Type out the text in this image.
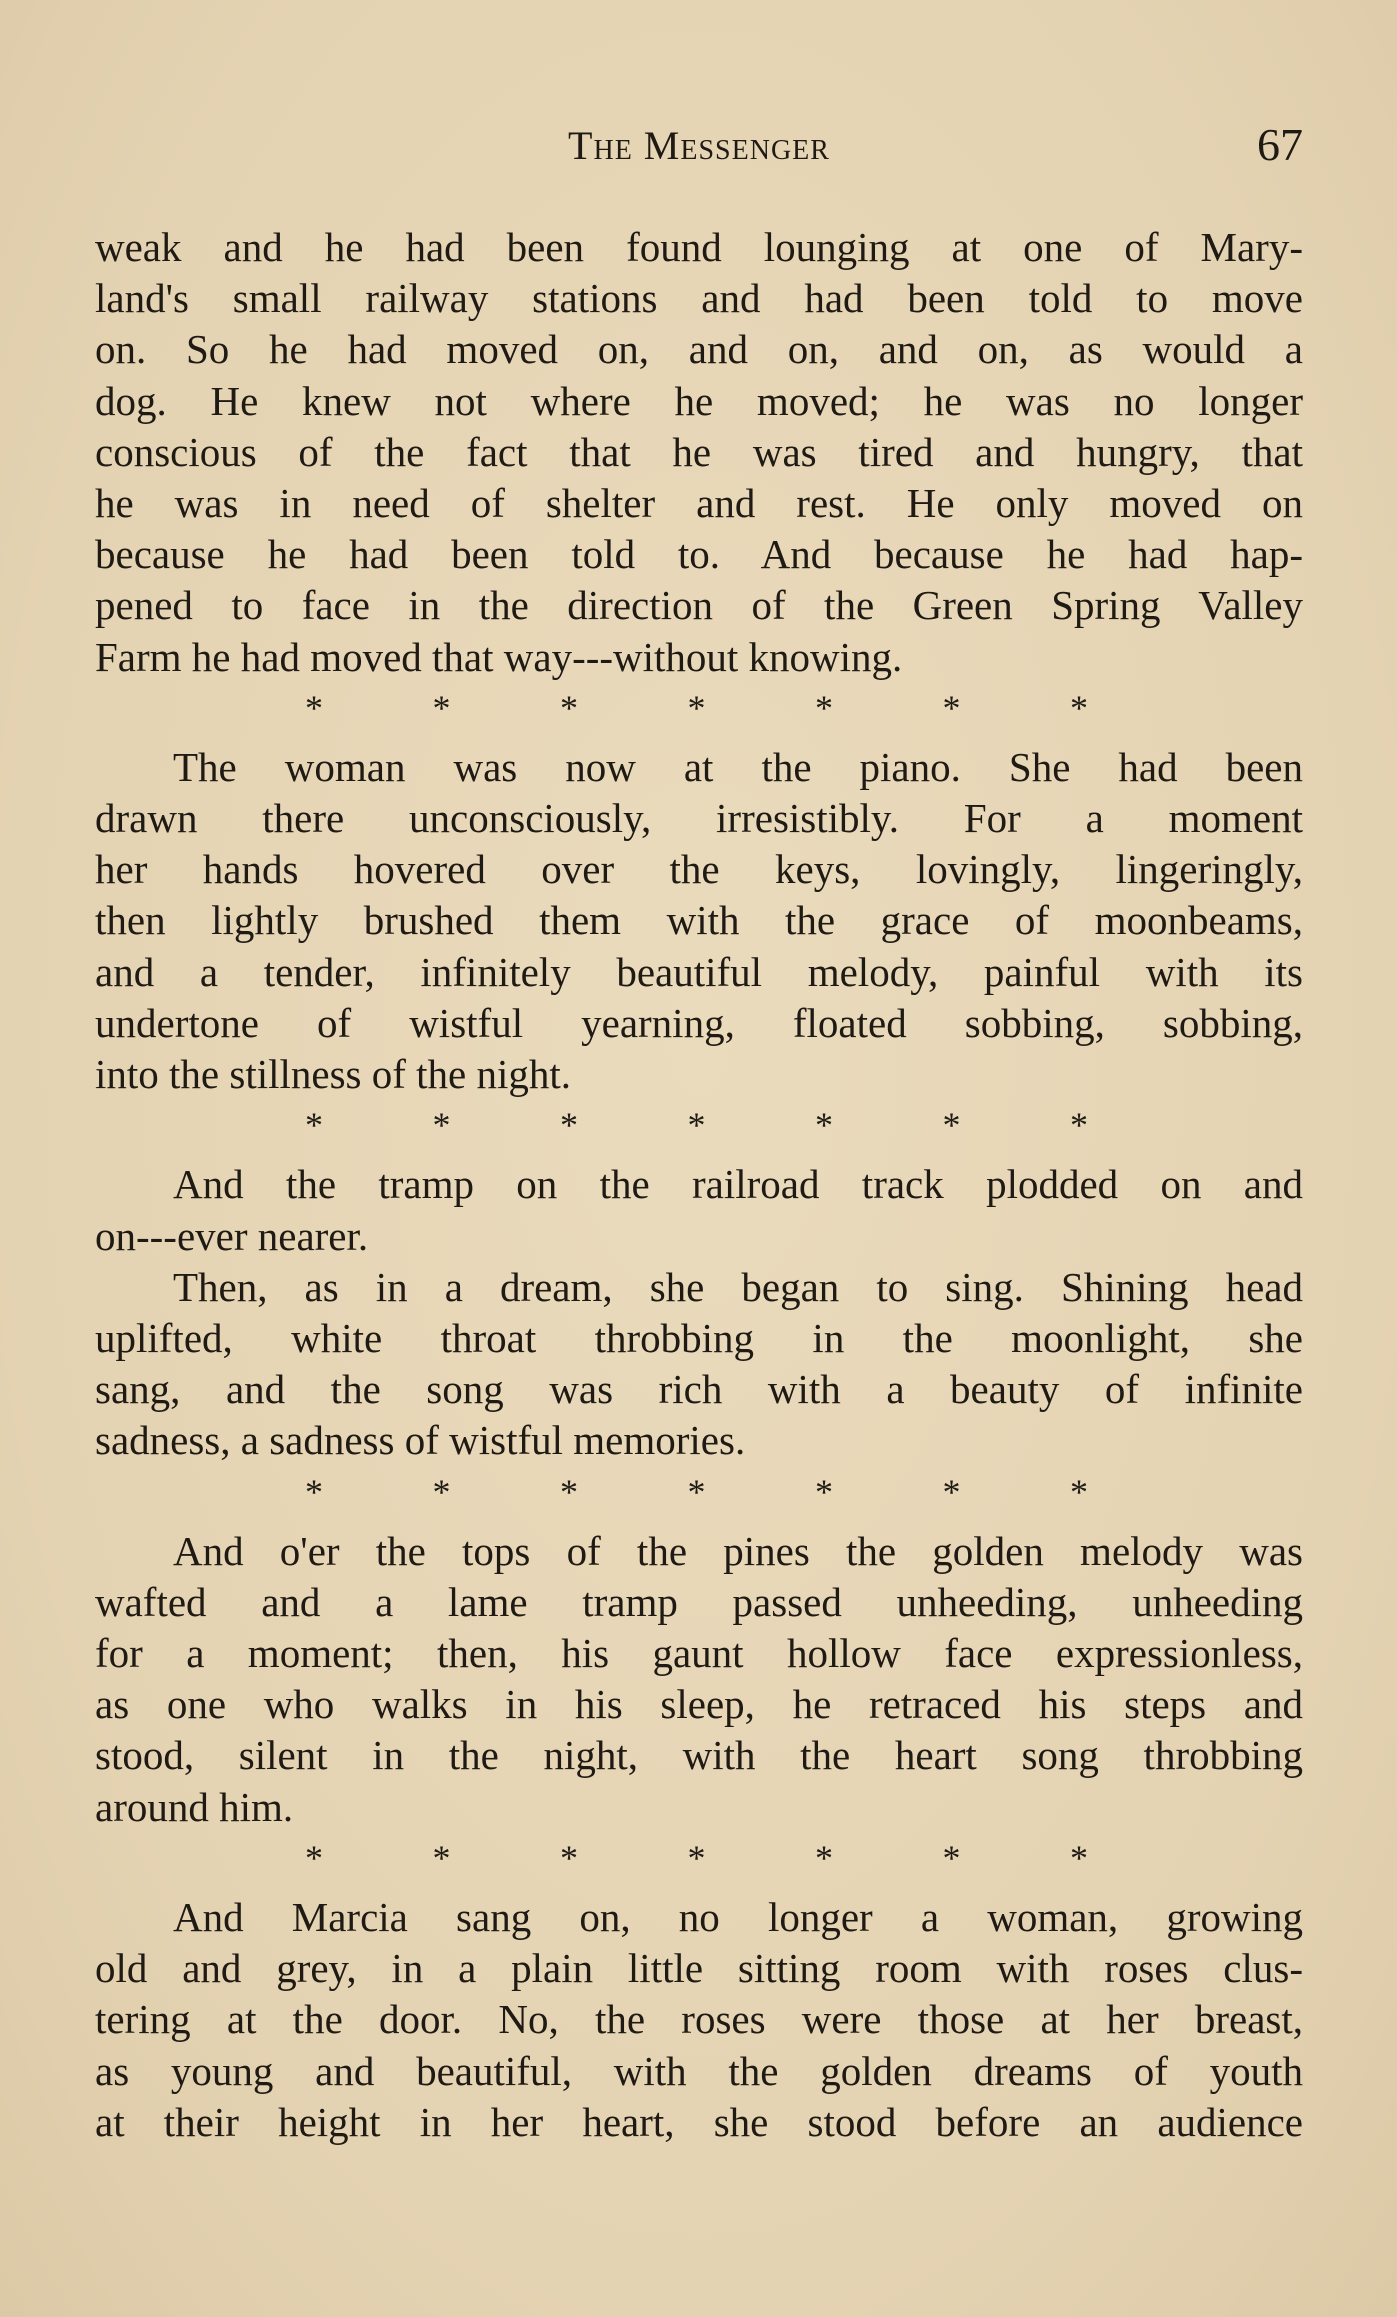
The Messenger	67
weak and he had been found lounging at one of Mary-
land's small railway stations and had been told to move
on. So he had moved on, and on, and on, as would a
dog. He knew not where he moved; he was no longer
conscious of the fact that he was tired and hungry, that
he was in need of shelter and rest. He only moved on
because he had been told to. And because he had hap-
pened to face in the direction of the Green Spring Valley
Farm he had moved that way---without knowing.
*	*	*	*	*	*	*
The woman was now at the piano. She had been
drawn there unconsciously, irresistibly. For a moment
her hands hovered over the keys, lovingly, lingeringly,
then lightly brushed them with the grace of moonbeams,
and a tender, infinitely beautiful melody, painful with its
undertone of wistful yearning, floated sobbing, sobbing,
into the stillness of the night.
*	*	*	*	*	*	*
And the tramp on the railroad track plodded on and
on---ever nearer.
Then, as in a dream, she began to sing. Shining head
uplifted, white throat throbbing in the moonlight, she
sang, and the song was rich with a beauty of infinite
sadness, a sadness of wistful memories.
*	*	*	*	*	*	*
And o'er the tops of the pines the golden melody was
wafted and a lame tramp passed unheeding, unheeding
for a moment; then, his gaunt hollow face expressionless,
as one who walks in his sleep, he retraced his steps and
stood, silent in the night, with the heart song throbbing
around him.
*	*	*	*	*	*	*
And Marcia sang on, no longer a woman, growing
old and grey, in a plain little sitting room with roses clus-
tering at the door. No, the roses were those at her breast,
as young and beautiful, with the golden dreams of youth
at their height in her heart, she stood before an audience
